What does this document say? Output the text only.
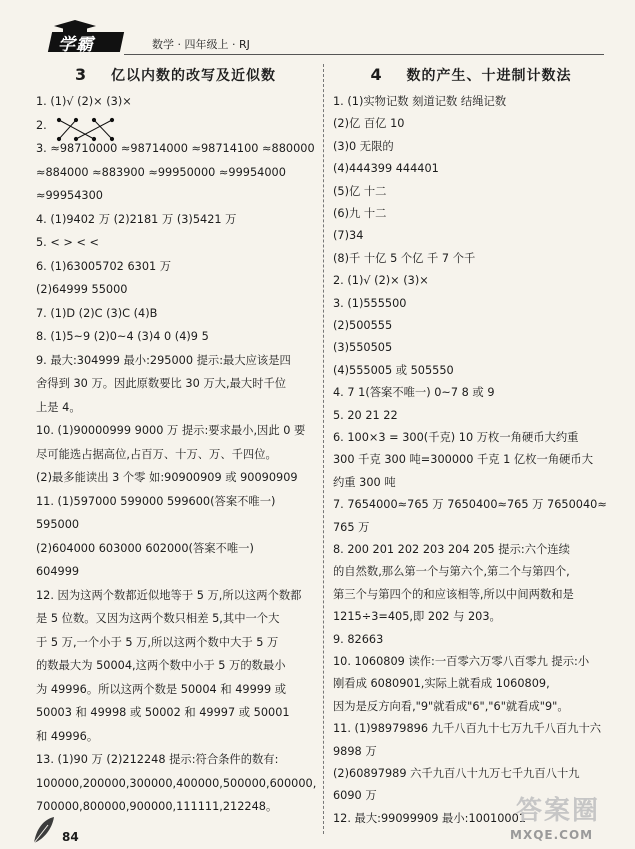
学霸	数学 · 四年级上 · RJ
3 亿以内数的改写及近似数
1. (1)√ (2)× (3)×
2.
3. ≈98710000 ≈98714000 ≈98714100 ≈880000
≈884000 ≈883900 ≈99950000 ≈99954000
≈99954300
4. (1)9402 万 (2)2181 万 (3)5421 万
5. < > < <
6. (1)63005702 6301 万
(2)64999 55000
7. (1)D (2)C (3)C (4)B
8. (1)5~9 (2)0~4 (3)4 0 (4)9 5
9. 最大:304999 最小:295000 提示:最大应该是四
舍得到 30 万。因此原数要比 30 万大,最大时千位
上是 4。
10. (1)90000999 9000 万 提示:要求最小,因此 0 要
尽可能选占据高位,占百万、十万、万、千四位。
(2)最多能读出 3 个零 如:90900909 或 90090909
11. (1)597000 599000 599600(答案不唯一)
595000
(2)604000 603000 602000(答案不唯一)
604999
12. 因为这两个数都近似地等于 5 万,所以这两个数都
是 5 位数。又因为这两个数只相差 5,其中一个大
于 5 万,一个小于 5 万,所以这两个数中大于 5 万
的数最大为 50004,这两个数中小于 5 万的数最小
为 49996。所以这两个数是 50004 和 49999 或
50003 和 49998 或 50002 和 49997 或 50001
和 49996。
13. (1)90 万 (2)212248 提示:符合条件的数有:
100000,200000,300000,400000,500000,600000,
700000,800000,900000,111111,212248。
4 数的产生、十进制计数法
1. (1)实物记数 刻道记数 结绳记数
(2)亿 百亿 10
(3)0 无限的
(4)444399 444401
(5)亿 十二
(6)九 十二
(7)34
(8)千 十亿 5 个亿 千 7 个千
2. (1)√ (2)× (3)×
3. (1)555500
(2)500555
(3)550505
(4)555005 或 505550
4. 7 1(答案不唯一) 0~7 8 或 9
5. 20 21 22
6. 100×3 = 300(千克) 10 万枚一角硬币大约重
300 千克 300 吨=300000 千克 1 亿枚一角硬币大
约重 300 吨
7. 7654000≈765 万 7650400≈765 万 7650040≈
765 万
8. 200 201 202 203 204 205 提示:六个连续
的自然数,那么第一个与第六个,第二个与第四个,
第三个与第四个的和应该相等,所以中间两数和是
1215÷3=405,即 202 与 203。
9. 82663
10. 1060809 读作:一百零六万零八百零九 提示:小
刚看成 6080901,实际上就看成 1060809,
因为是反方向看,"9"就看成"6","6"就看成"9"。
11. (1)98979896 九千八百九十七万九千八百九十六
9898 万
(2)60897989 六千九百八十九万七千九百八十九
6090 万
12. 最大:99099909 最小:10010001
84
答案圈
MXQE.COM
